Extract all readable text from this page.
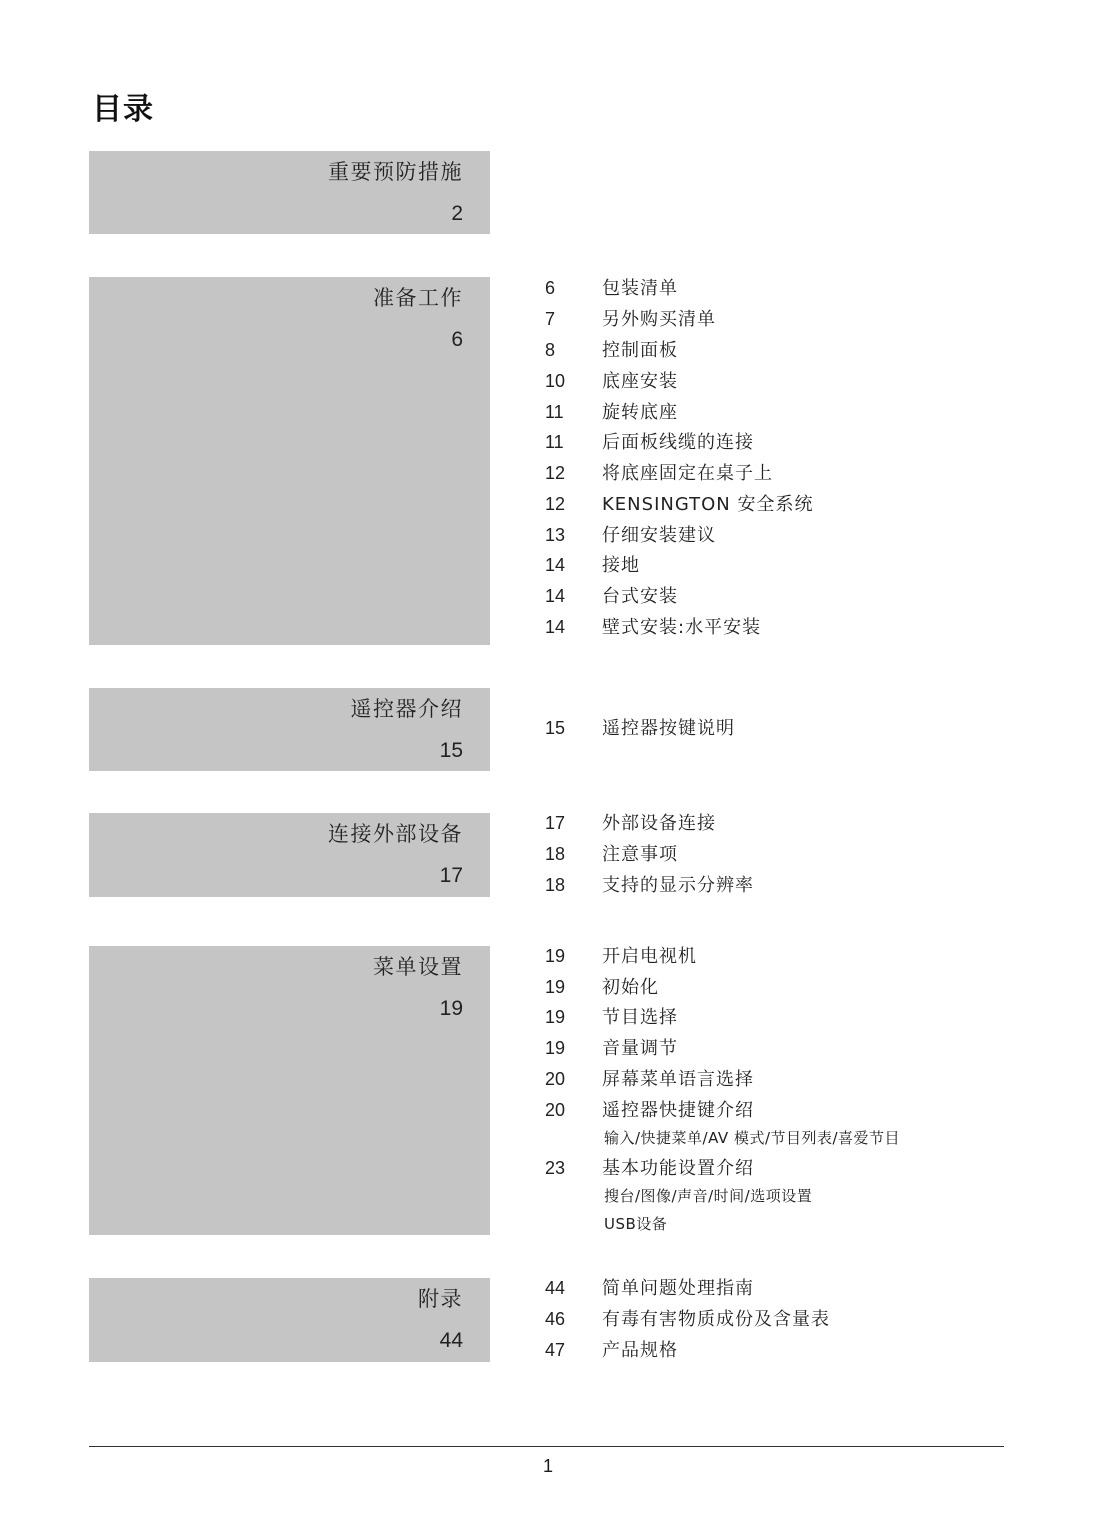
目录
重要预防措施
2
准备工作
6
遥控器介绍
15
连接外部设备
17
菜单设置
19
附录
44
6	包装清单
7	另外购买清单
8	控制面板
10 底座安装
11 旋转底座
11 后面板线缆的连接
12 将底座固定在桌子上
12 KENSINGTON 安全系统
13 仔细安装建议
14 接地
14 台式安装
14 壁式安装:水平安装
15 遥控器按键说明
17 外部设备连接
18 注意事项
18 支持的显示分辨率
19 开启电视机
19 初始化
19 节目选择
19 音量调节
20 屏幕菜单语言选择
20 遥控器快捷键介绍
输入/快捷菜单/AV 模式/节目列表/喜爱节目
23 基本功能设置介绍
搜台/图像/声音/时间/选项设置
USB设备
44 简单问题处理指南
46 有毒有害物质成份及含量表
47 产品规格
1
